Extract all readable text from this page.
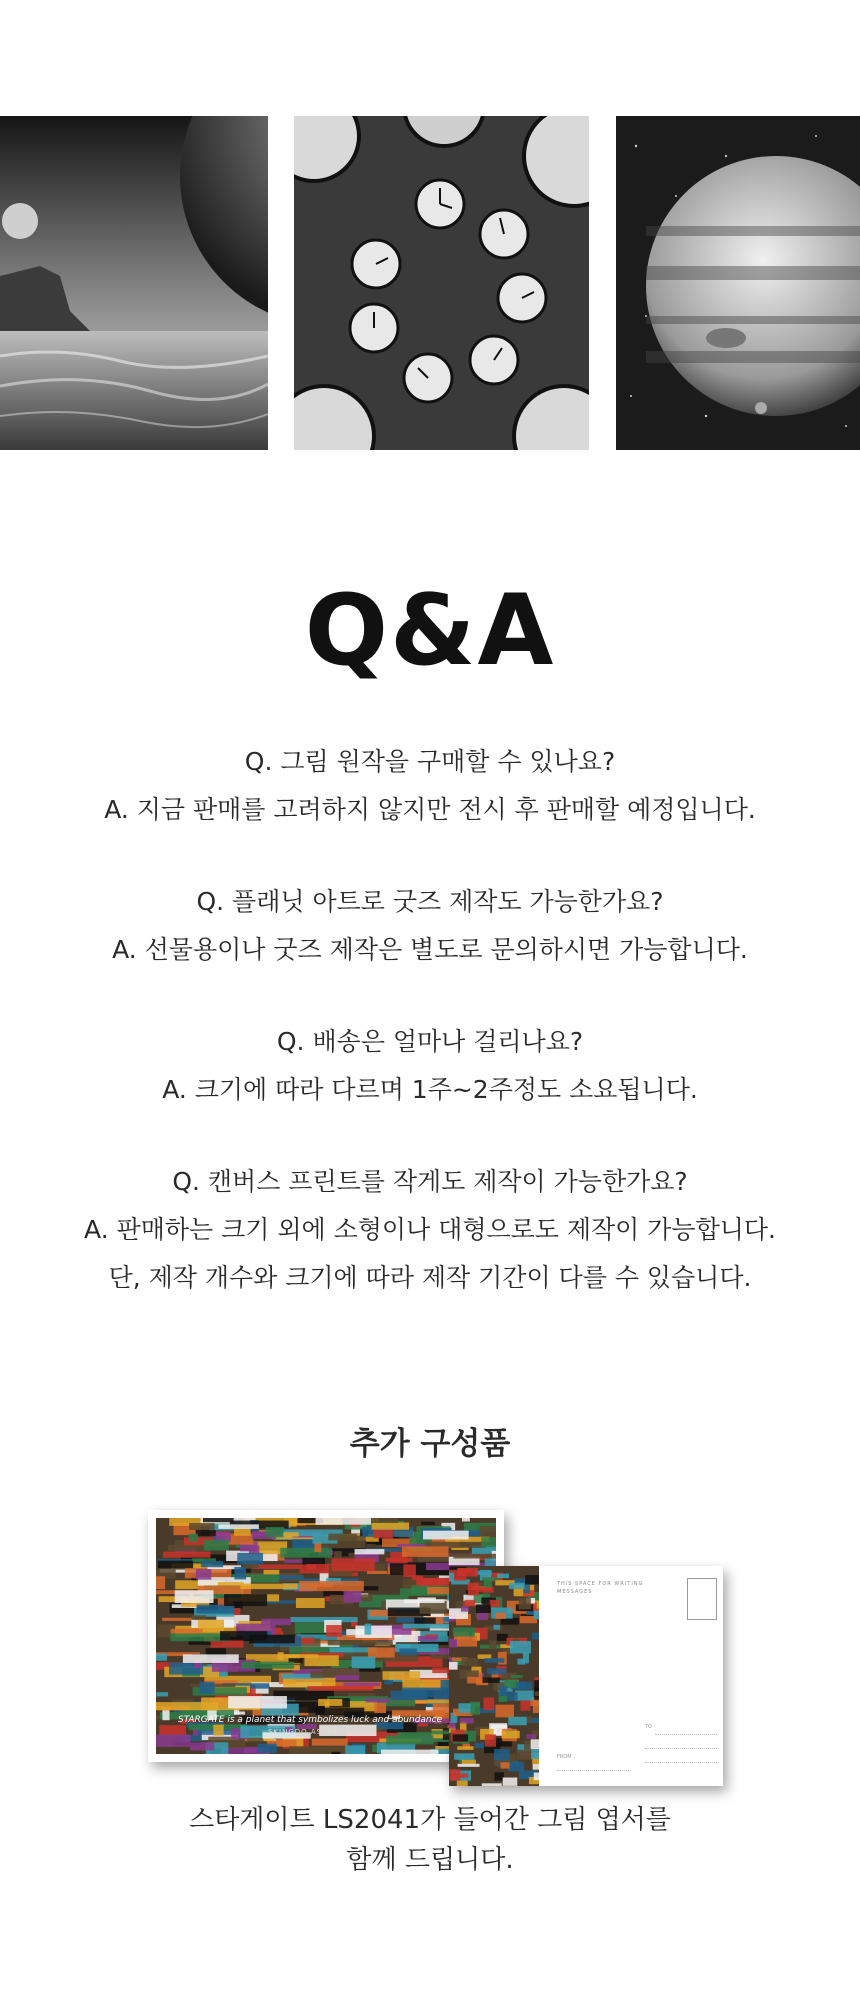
Q&A

Q. 그림 원작을 구매할 수 있나요?

A. 지금 판매를 고려하지 않지만 전시 후 판매할 예정입니다.

Q. 플래닛 아트로 굿즈 제작도 가능한가요?

A. 선물용이나 굿즈 제작은 별도로 문의하시면 가능합니다.

Q. 배송은 얼마나 걸리나요?

A. 크기에 따라 다르며 1주~2주정도 소요됩니다.

Q. 캔버스 프린트를 작게도 제작이 가능한가요?

A. 판매하는 크기 외에 소형이나 대형으로도 제작이 가능합니다.

단, 제작 개수와 크기에 따라 제작 기간이 다를 수 있습니다.

추가 구성품
STARGATE is a planet that symbolizes luck and abundance
SKINGDO ASTROLOGY
THIS SPACE FOR WRITING MESSAGES
TO :
FROM :

스타게이트 LS2041가 들어간 그림 엽서를

함께 드립니다.
